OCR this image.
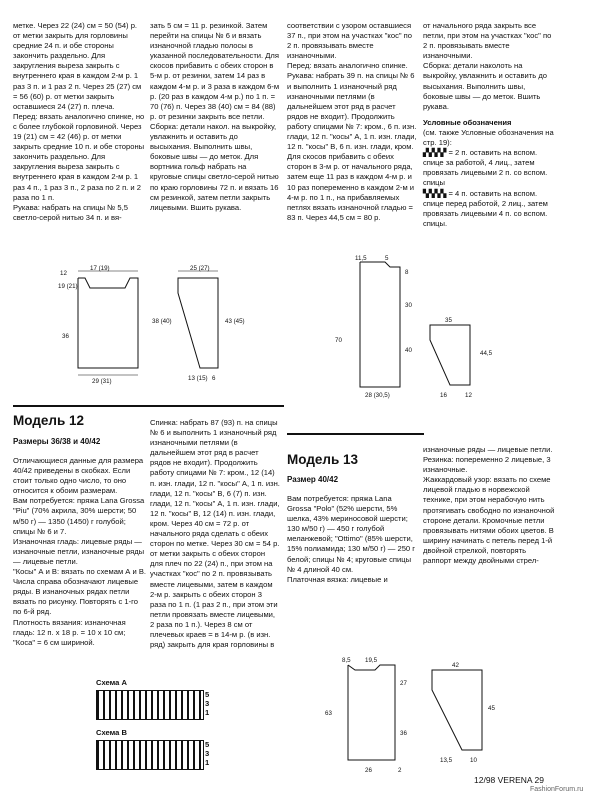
метке. Через 22 (24) см = 50 (54) р. от метки закрыть для горловины средние 24 п. и обе стороны закончить раздельно. Для закругления выреза закрыть с внутреннего края в каждом 2-м р. 1 раз 3 п. и 1 раз 2 п. Через 25 (27) см = 56 (60) р. от метки закрыть оставшиеся 24 (27) п. плеча.

Перед: вязать аналогично спинке, но с более глубокой горловиной. Через 19 (21) см = 42 (46) р. от метки закрыть средние 10 п. и обе стороны закончить раздельно. Для закругления выреза закрыть с внутреннего края в каждом 2-м р. 1 раз 4 п., 1 раз 3 п., 2 раза по 2 п. и 2 раза по 1 п.

Рукава: набрать на спицы № 5,5 светло-серой нитью 34 п. и вя-

зать 5 см = 11 р. резинкой. Затем перейти на спицы № 6 и вязать изнаночной гладью полосы в указанной последовательности. Для скосов прибавить с обеих сторон в 5-м р. от резинки, затем 14 раз в каждом 4-м р. и 3 раза в каждом 6-м р. (20 раз в каждом 4-м р.) по 1 п. = 70 (76) п. Через 38 (40) см = 84 (88) р. от резинки закрыть все петли.

Сборка: детали накол. на выкройку, увлажнить и оставить до высыхания. Выполнить швы, боковые швы — до меток. Для вортника гольф набрать на круговые спицы светло-серой нитью по краю горловины 72 п. и вязать 16 см резинкой, затем петли закрыть лицевыми. Вшить рукава.

соответствии с узором оставшиеся 37 п., при этом на участках "кос" по 2 п. провязывать вместе изнаночными.

Перед: вязать аналогично спинке.

Рукава: набрать 39 п. на спицы № 6 и выполнить 1 изнаночный ряд изнаночными петлями (в дальнейшем этот ряд в расчет рядов не входит). Продолжить работу спицами № 7: кром., 6 п. изн. глади, 12 п. "косы" А, 1 п. изн. глади, 12 п. "косы" В, 6 п. изн. глади, кром. Для скосов прибавить с обеих сторон в 3-м р. от начального ряда, затем еще 11 раз в каждом 4-м р. и 10 раз попеременно в каждом 2-м и 4-м р. по 1 п., на прибавляемых петлях вязать изнаночной гладью = 83 п. Через 44,5 см = 80 р.

от начального ряда закрыть все петли, при этом на участках "кос" по 2 п. провязывать вместе изнаночными.

Сборка: детали наколоть на выкройку, увлажнить и оставить до высыхания. Выполнить швы, боковые швы — до меток. Вшить рукава.

Условные обозначения

(см. также Условные обозначения на стр. 19):

▞▞▞▞ = 2 п. оставить на вспом. спице за работой, 4 лиц., затем провязать лицевыми 2 п. со вспом. спицы

▚▚▚▚ = 4 п. оставить на вспом. спице перед работой, 2 лиц., затем провязать лицевыми 4 п. со вспом. спицы.

17 (19)
12
19 (21)
36
29 (31)
25 (27)
38 (40)	43 (45)
13 (15) 6
11,5	5
8
30
70
40
28 (30,5)
35
44,5
16	12
Модель 12
Размеры 36/38 и 40/42

Отличающиеся данные для размера 40/42 приведены в скобках. Если стоит только одно число, то оно относится к обоим размерам.

Вам потребуется: пряжа Lana Grossa "Piu" (70% акрила, 30% шерсти; 50 м/50 г) — 1350 (1450) г голубой; спицы № 6 и 7.

Изнаночная гладь: лицевые ряды — изнаночные петли, изнаночные ряды — лицевые петли.

"Косы" А и В: вязать по схемам А и В. Числа справа обозначают лицевые ряды. В изнаночных рядах петли вязать по рисунку. Повторять с 1-го по 6-й ряд.

Плотность вязания: изнаночная гладь: 12 п. x 18 р. = 10 x 10 см; "Коса" = 6 см шириной.

Спинка: набрать 87 (93) п. на спицы № 6 и выполнить 1 изнаночный ряд изнаночными петлями (в дальнейшем этот ряд в расчет рядов не входит). Продолжить работу спицами № 7: кром., 12 (14) п. изн. глади, 12 п. "косы" А, 1 п. изн. глади, 12 п. "косы" В, 6 (7) п. изн. глади, 12 п. "косы" А, 1 п. изн. глади, 12 п. "косы" В, 12 (14) п. изн. глади, кром. Через 40 см = 72 р. от начального ряда сделать с обеих сторон по метке. Через 30 см = 54 р. от метки закрыть с обеих сторон для плеч по 22 (24) п., при этом на участках "кос" по 2 п. провязывать вместе лицевыми, затем в каждом 2-м р. закрыть с обеих сторон 3 раза по 1 п. (1 раз 2 п., при этом эти петли провязать вместе лицевыми, 2 раза по 1 п.). Через 8 см от плечевых краев = в 14-м р. (в изн. ряд) закрыть для края горловины в

Схема А
5
3
1
Схема В
5
3
1
Модель 13
Размер 40/42

Вам потребуется: пряжа Lana Grossa "Polo" (52% шерсти, 5% шелка, 43% мериносовой шерсти; 130 м/50 г) — 450 г голубой меланжевой; "Ottimo" (85% шерсти, 15% полиамида; 130 м/50 г) — 250 г белой; спицы № 4; круговые спицы № 4 длиной 40 см.

Платочная вязка: лицевые и

изнаночные ряды — лицевые петли.

Резинка: попеременно 2 лицевые, 3 изнаночные.

Жаккардовый узор: вязать по схеме лицевой гладью в норвежской технике, при этом нерабочую нить протягивать свободно по изнаночной стороне детали. Кромочные петли провязывать нитями обоих цветов. В ширину начинать с петель перед 1-й двойной стрелкой, повторять раппорт между двойными стрел-

8,5 19,5
27
63
36
26	2
42
45
13,5	10
12/98 VERENA 29
FashionForum.ru
